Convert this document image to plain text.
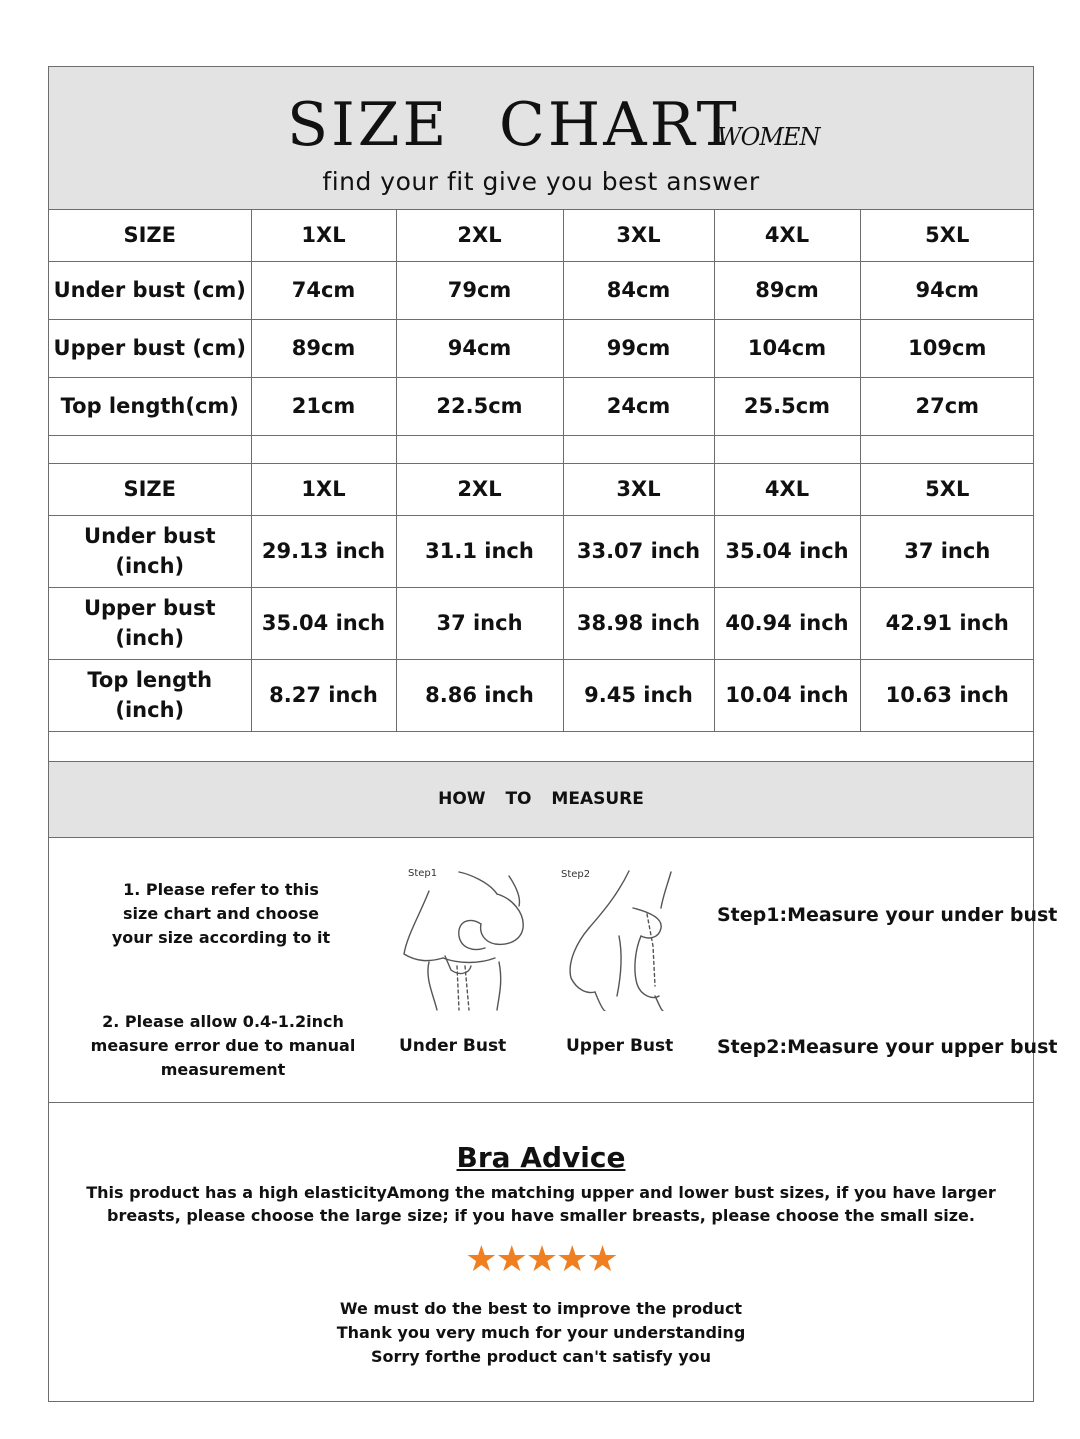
SIZE CHART
WOMEN
find your fit give you best answer
SIZE	1XL	2XL	3XL	4XL	5XL
Under bust (cm)	74cm	79cm	84cm	89cm	94cm
Upper bust (cm)	89cm	94cm	99cm	104cm	109cm
Top length(cm)	21cm	22.5cm	24cm	25.5cm	27cm

SIZE	1XL	2XL	3XL	4XL	5XL
Under bust
(inch)	29.13 inch	31.1 inch	33.07 inch	35.04 inch	37 inch
Upper bust
(inch)	35.04 inch	37 inch	38.98 inch	40.94 inch	42.91 inch
Top length
(inch)	8.27 inch	8.86 inch	9.45 inch	10.04 inch	10.63 inch
HOW TO MEASURE
1. Please refer to this size chart and choose your size according to it
2. Please allow 0.4-1.2inch measure error due to manual measurement
Step1
Under Bust
Step2
Upper Bust
Step1:Measure your under bust
Step2:Measure your upper bust
Bra Advice
This product has a high elasticityAmong the matching upper and lower bust sizes, if you have larger breasts, please choose the large size; if you have smaller breasts, please choose the small size.
★★★★★
We must do the best to improve the product
Thank you very much for your understanding
Sorry forthe product can't satisfy you
